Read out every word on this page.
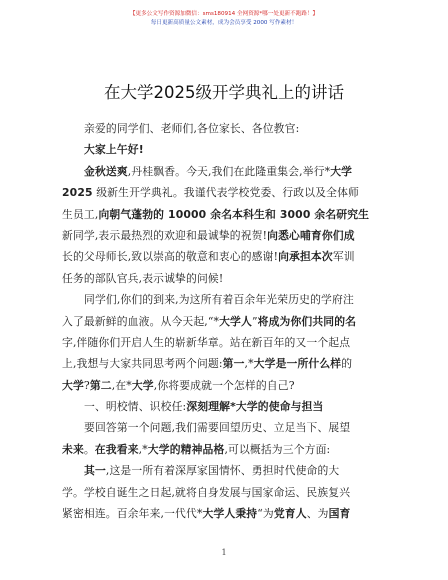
【更多公文写作资源加微信：sms180914 全网资源*哪一处更新不跑路！】
每日更新高质量公文素材，成为会员享受 2000 写作素材！
在大学2025级开学典礼上的讲话
亲爱的同学们、老师们,各位家长、各位教官:
大家上午好!
金秋送爽,丹桂飘香。今天,我们在此隆重集会,举行*大学
2025 级新生开学典礼。我谨代表学校党委、行政以及全体师
生员工,向朝气蓬勃的 10000 余名本科生和 3000 余名研究生
新同学,表示最热烈的欢迎和最诚挚的祝贺!向悉心哺育你们成
长的父母师长,致以崇高的敬意和衷心的感谢!向承担本次军训
任务的部队官兵,表示诚挚的问候!
同学们,你们的到来,为这所有着百余年光荣历史的学府注
入了最新鲜的血液。从今天起,“*大学人”将成为你们共同的名
字,伴随你们开启人生的崭新华章。站在新百年的又一个起点
上,我想与大家共同思考两个问题:第一,*大学是一所什么样的
大学?第二,在*大学,你将要成就一个怎样的自己?
一、明校情、识校任:深刻理解*大学的使命与担当
要回答第一个问题,我们需要回望历史、立足当下、展望
未来。在我看来,*大学的精神品格,可以概括为三个方面:
其一,这是一所有着深厚家国情怀、勇担时代使命的大
学。学校自诞生之日起,就将自身发展与国家命运、民族复兴
紧密相连。百余年来,一代代*大学人秉持“为党育人、为国育
1
